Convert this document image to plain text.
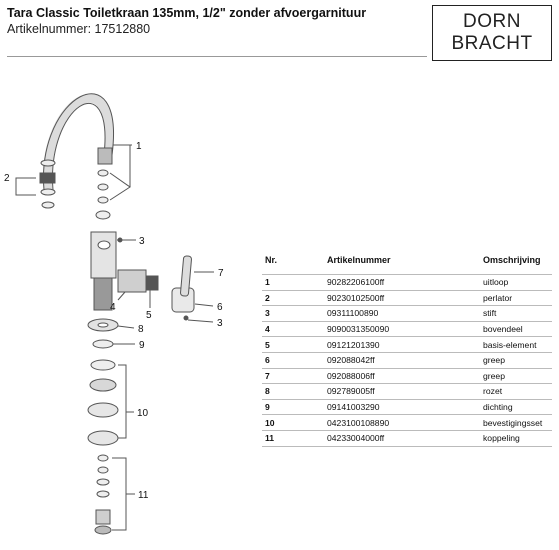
Tara Classic Toiletkraan 135mm, 1/2" zonder afvoergarnituur
Artikelnummer: 17512880	DORN
BRACHT
1
2
3
7
4	6
5
3
8
9
10
11
Nr.	Artikelnummer	Omschrijving
1	90282206100ff	uitloop
2	90230102500ff	perlator
3	09311100890	stift
4	9090031350090	bovendeel
5	09121201390	basis-element
6	092088042ff	greep
7	092088006ff	greep
8	092789005ff	rozet
9	09141003290	dichting
10	0423100108890	bevestigingsset
11	04233004000ff	koppeling
